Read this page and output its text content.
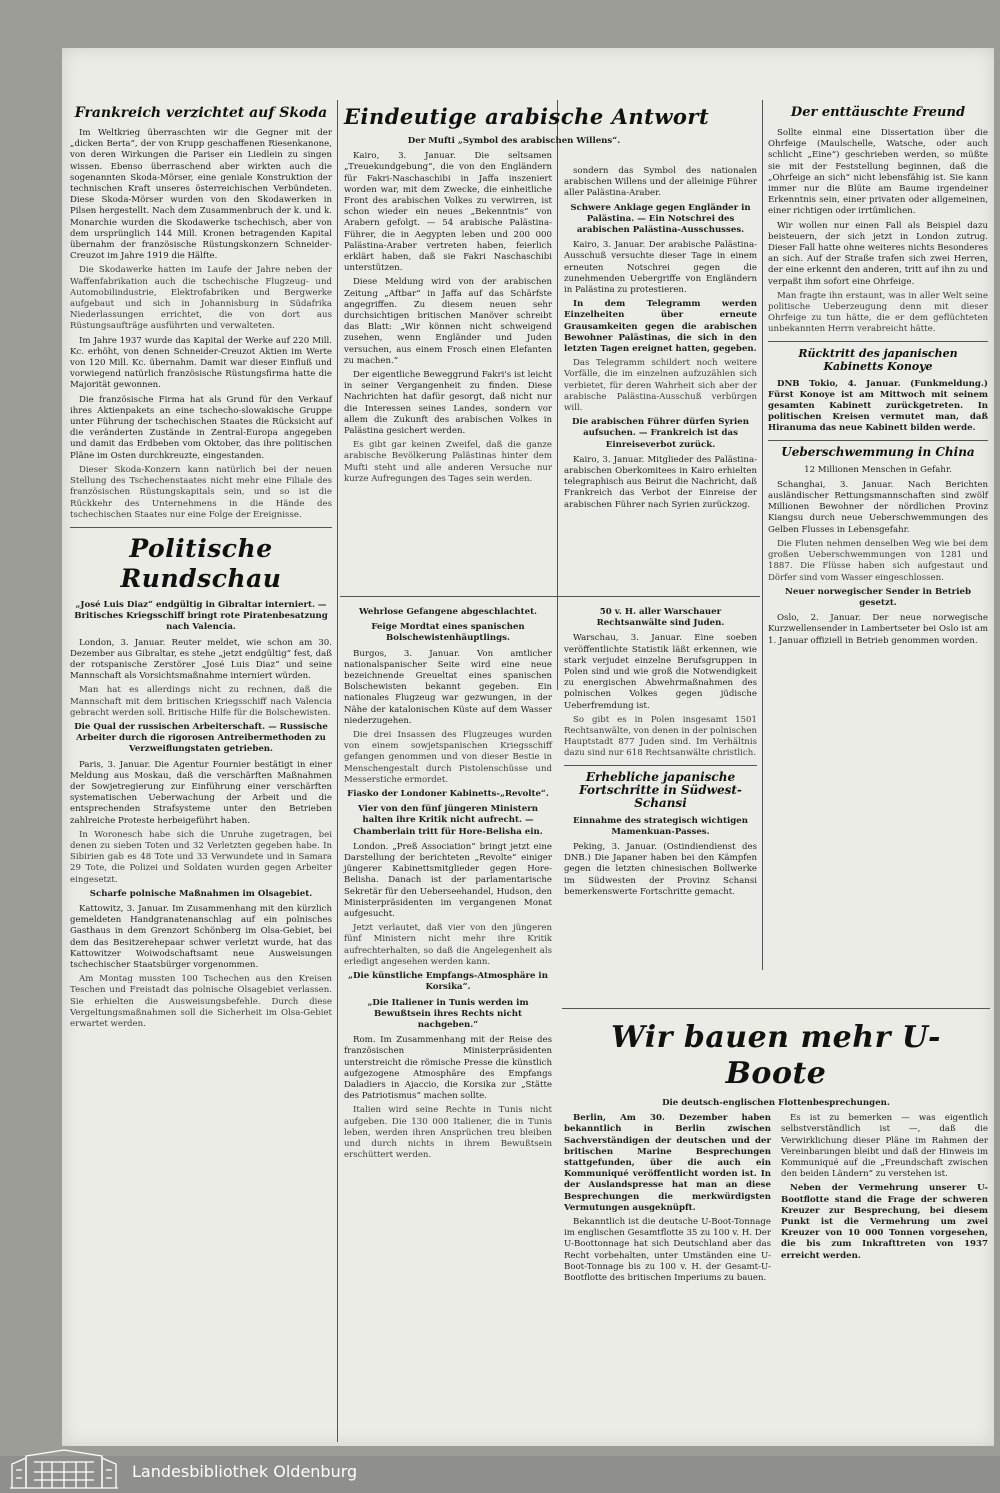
Frankreich verzichtet auf Skoda

Im Weltkrieg überraschten wir die Gegner mit der „dicken Berta“, der von Krupp geschaffenen Riesenkanone, von deren Wirkungen die Pariser ein Liedlein zu singen wissen. Ebenso überraschend aber wirkten auch die sogenannten Skoda-Mörser, eine geniale Konstruktion der technischen Kraft unseres österreichischen Verbündeten. Diese Skoda-Mörser wurden von den Skodawerken in Pilsen hergestellt. Nach dem Zusammenbruch der k. und k. Monarchie wurden die Skodawerke tschechisch, aber von dem ursprünglich 144 Mill. Kronen betragenden Kapital übernahm der französische Rüstungskonzern Schneider-Creuzot im Jahre 1919 die Hälfte.

Die Skodawerke hatten im Laufe der Jahre neben der Waffenfabrikation auch die tschechische Flugzeug- und Automobilindustrie, Elektrofabriken und Bergwerke aufgebaut und sich in Johannisburg in Südafrika Niederlassungen errichtet, die von dort aus Rüstungsaufträge ausführten und verwalteten.

Im Jahre 1937 wurde das Kapital der Werke auf 220 Mill. Kc. erhöht, von denen Schneider-Creuzot Aktien im Werte von 120 Mill. Kc. übernahm. Damit war dieser Einfluß und vorwiegend natürlich französische Rüstungsfirma hatte die Majorität gewonnen.

Die französische Firma hat als Grund für den Verkauf ihres Aktienpakets an eine tschecho-slowakische Gruppe unter Führung der tschechischen Staates die Rücksicht auf die veränderten Zustände in Zentral-Europa angegeben und damit das Erdbeben vom Oktober, das ihre politischen Pläne im Osten durchkreuzte, eingestanden.

Dieser Skoda-Konzern kann natürlich bei der neuen Stellung des Tschechenstaates nicht mehr eine Filiale des französischen Rüstungskapitals sein, und so ist die Rückkehr des Unternehmens in die Hände des tschechischen Staates nur eine Folge der Ereignisse.

Politische Rundschau
„José Luis Diaz“ endgültig in Gibraltar interniert. — Britisches Kriegsschiff bringt rote Piratenbesatzung nach Valencia.

London, 3. Januar. Reuter meldet, wie schon am 30. Dezember aus Gibraltar, es stehe „jetzt endgültig“ fest, daß der rotspanische Zerstörer „José Luis Diaz“ und seine Mannschaft als Vorsichtsmaßnahme interniert würden.

Man hat es allerdings nicht zu rechnen, daß die Mannschaft mit dem britischen Kriegsschiff nach Valencia gebracht werden soll. Britische Hilfe für die Bolschewisten.

Die Qual der russischen Arbeiterschaft. — Russische Arbeiter durch die rigorosen Antreibermethoden zu Verzweiflungstaten getrieben.

Paris, 3. Januar. Die Agentur Fournier bestätigt in einer Meldung aus Moskau, daß die verschärften Maßnahmen der Sowjetregierung zur Einführung einer verschärften systematischen Ueberwachung der Arbeit und die entsprechenden Strafsysteme unter den Betrieben zahlreiche Proteste herbeigeführt haben.

In Woronesch habe sich die Unruhe zugetragen, bei denen zu sieben Toten und 32 Verletzten gegeben habe. In Sibirien gab es 48 Tote und 33 Verwundete und in Samara 29 Tote, die Polizei und Soldaten wurden gegen Arbeiter eingesetzt.

Scharfe polnische Maßnahmen im Olsagebiet.

Kattowitz, 3. Januar. Im Zusammenhang mit den kürzlich gemeldeten Handgranatenanschlag auf ein polnisches Gasthaus in dem Grenzort Schönberg im Olsa-Gebiet, bei dem das Besitzerehepaar schwer verletzt wurde, hat das Kattowitzer Woiwodschaftsamt neue Ausweisungen tschechischer Staatsbürger vorgenommen.

Am Montag mussten 100 Tschechen aus den Kreisen Teschen und Freistadt das polnische Olsagebiet verlassen. Sie erhielten die Ausweisungsbefehle. Durch diese Vergeltungsmaßnahmen soll die Sicherheit im Olsa-Gebiet erwartet werden.

Eindeutige arabische Antwort
Der Mufti „Symbol des arabischen Willens“.

Kairo, 3. Januar. Die seltsamen „Treuekundgebung“, die von den Engländern für Fakri-Naschaschibi in Jaffa inszeniert worden war, mit dem Zwecke, die einheitliche Front des arabischen Volkes zu verwirren, ist schon wieder ein neues „Bekenntnis“ von Arabern gefolgt. — 54 arabische Palästina-Führer, die in Aegypten leben und 200 000 Palästina-Araber vertreten haben, feierlich erklärt haben, daß sie Fakri Naschaschibi unterstützen.

Diese Meldung wird von der arabischen Zeitung „Aftbar“ in Jaffa auf das Schärfste angegriffen. Zu diesem neuen sehr durchsichtigen britischen Manöver schreibt das Blatt: „Wir können nicht schweigend zusehen, wenn Engländer und Juden versuchen, aus einem Frosch einen Elefanten zu machen.“

Der eigentliche Beweggrund Fakri's ist leicht in seiner Vergangenheit zu finden. Diese Nachrichten hat dafür gesorgt, daß nicht nur die Interessen seines Landes, sondern vor allem die Zukunft des arabischen Volkes in Palästina gesichert werden.

Es gibt gar keinen Zweifel, daß die ganze arabische Bevölkerung Palästinas hinter dem Mufti steht und alle anderen Versuche nur kurze Aufregungen des Tages sein werden.

sondern das Symbol des nationalen arabischen Willens und der alleinige Führer aller Palästina-Araber.

Schwere Anklage gegen Engländer in Palästina. — Ein Notschrei des arabischen Palästina-Ausschusses.

Kairo, 3. Januar. Der arabische Palästina-Ausschuß versuchte dieser Tage in einem erneuten Notschrei gegen die zunehmenden Uebergriffe von Engländern in Palästina zu protestieren.

In dem Telegramm werden Einzelheiten über erneute Grausamkeiten gegen die arabischen Bewohner Palästinas, die sich in den letzten Tagen ereignet hatten, gegeben.

Das Telegramm schildert noch weitere Vorfälle, die im einzelnen aufzuzählen sich verbietet, für deren Wahrheit sich aber der arabische Palästina-Ausschuß verbürgen will.

Die arabischen Führer dürfen Syrien aufsuchen. — Frankreich ist das Einreiseverbot zurück.

Kairo, 3. Januar. Mitglieder des Palästina-arabischen Oberkomitees in Kairo erhielten telegraphisch aus Beirut die Nachricht, daß Frankreich das Verbot der Einreise der arabischen Führer nach Syrien zurückzog.

Wehrlose Gefangene abgeschlachtet.
Feige Mordtat eines spanischen Bolschewistenhäuptlings.

Burgos, 3. Januar. Von amtlicher nationalspanischer Seite wird eine neue bezeichnende Greueltat eines spanischen Bolschewisten bekannt gegeben. Ein nationales Flugzeug war gezwungen, in der Nähe der katalonischen Küste auf dem Wasser niederzugehen.

Die drei Insassen des Flugzeuges wurden von einem sowjetspanischen Kriegsschiff gefangen genommen und von dieser Bestie in Menschengestalt durch Pistolenschüsse und Messerstiche ermordet.

Fiasko der Londoner Kabinetts-„Revolte“.
Vier von den fünf jüngeren Ministern halten ihre Kritik nicht aufrecht. — Chamberlain tritt für Hore-Belisha ein.

London. „Preß Association“ bringt jetzt eine Darstellung der berichteten „Revolte“ einiger jüngerer Kabinettsmitglieder gegen Hore-Belisha. Danach ist der parlamentarische Sekretär für den Ueberseehandel, Hudson, den Ministerpräsidenten im vergangenen Monat aufgesucht.

Jetzt verlautet, daß vier von den jüngeren fünf Ministern nicht mehr ihre Kritik aufrechterhalten, so daß die Angelegenheit als erledigt angesehen werden kann.

„Die künstliche Empfangs-Atmosphäre in Korsika“.
„Die Italiener in Tunis werden im Bewußtsein ihres Rechts nicht nachgeben.“

Rom. Im Zusammenhang mit der Reise des französischen Ministerpräsidenten unterstreicht die römische Presse die künstlich aufgezogene Atmosphäre des Empfangs Daladiers in Ajaccio, die Korsika zur „Stätte des Patriotismus“ machen sollte.

Italien wird seine Rechte in Tunis nicht aufgeben. Die 130 000 Italiener, die in Tunis leben, werden ihren Ansprüchen treu bleiben und durch nichts in ihrem Bewußtsein erschüttert werden.

50 v. H. aller Warschauer Rechtsanwälte sind Juden.

Warschau, 3. Januar. Eine soeben veröffentlichte Statistik läßt erkennen, wie stark verjudet einzelne Berufsgruppen in Polen sind und wie groß die Notwendigkeit zu energischen Abwehrmaßnahmen des polnischen Volkes gegen jüdische Ueberfremdung ist.

So gibt es in Polen insgesamt 1501 Rechtsanwälte, von denen in der polnischen Hauptstadt 877 Juden sind. Im Verhältnis dazu sind nur 618 Rechtsanwälte christlich.

Erhebliche japanische Fortschritte in Südwest-Schansi
Einnahme des strategisch wichtigen Mamenkuan-Passes.

Peking, 3. Januar. (Ostindiendienst des DNB.) Die Japaner haben bei den Kämpfen gegen die letzten chinesischen Bollwerke im Südwesten der Provinz Schansi bemerkenswerte Fortschritte gemacht.

Der enttäuschte Freund

Sollte einmal eine Dissertation über die Ohrfeige (Maulschelle, Watsche, oder auch schlicht „Eine“) geschrieben werden, so müßte sie mit der Feststellung beginnen, daß die „Ohrfeige an sich“ nicht lebensfähig ist. Sie kann immer nur die Blüte am Baume irgendeiner Erkenntnis sein, einer privaten oder allgemeinen, einer richtigen oder irrtümlichen.

Wir wollen nur einen Fall als Beispiel dazu beisteuern, der sich jetzt in London zutrug. Dieser Fall hatte ohne weiteres nichts Besonderes an sich. Auf der Straße trafen sich zwei Herren, der eine erkennt den anderen, tritt auf ihn zu und verpaßt ihm sofort eine Ohrfeige.

Man fragte ihn erstaunt, was in aller Welt seine politische Ueberzeugung denn mit dieser Ohrfeige zu tun hätte, die er dem geflüchteten unbekannten Herrn verabreicht hätte.

Rücktritt des japanischen Kabinetts Konoye

DNB Tokio, 4. Januar. (Funkmeldung.) Fürst Konoye ist am Mittwoch mit seinem gesamten Kabinett zurückgetreten. In politischen Kreisen vermutet man, daß Hiranuma das neue Kabinett bilden werde.

Ueberschwemmung in China
12 Millionen Menschen in Gefahr.

Schanghai, 3. Januar. Nach Berichten ausländischer Rettungsmannschaften sind zwölf Millionen Bewohner der nördlichen Provinz Kiangsu durch neue Ueberschwemmungen des Gelben Flusses in Lebensgefahr.

Die Fluten nehmen denselben Weg wie bei dem großen Ueberschwemmungen von 1281 und 1887. Die Flüsse haben sich aufgestaut und Dörfer sind vom Wasser eingeschlossen.

Neuer norwegischer Sender in Betrieb gesetzt.

Oslo, 2. Januar. Der neue norwegische Kurzwellensender in Lambertseter bei Oslo ist am 1. Januar offiziell in Betrieb genommen worden.

Wir bauen mehr U-Boote
Die deutsch-englischen Flottenbesprechungen.

Berlin, Am 30. Dezember haben bekanntlich in Berlin zwischen Sachverständigen der deutschen und der britischen Marine Besprechungen stattgefunden, über die auch ein Kommuniqué veröffentlicht worden ist. In der Auslandspresse hat man an diese Besprechungen die merkwürdigsten Vermutungen ausgeknüpft.

Bekanntlich ist die deutsche U-Boot-Tonnage im englischen Gesamtflotte 35 zu 100 v. H. Der U-Boottonnage hat sich Deutschland aber das Recht vorbehalten, unter Umständen eine U-Boot-Tonnage bis zu 100 v. H. der Gesamt-U-Bootflotte des britischen Imperiums zu bauen.

Es ist zu bemerken — was eigentlich selbstverständlich ist —, daß die Verwirklichung dieser Pläne im Rahmen der Vereinbarungen bleibt und daß der Hinweis im Kommuniqué auf die „Freundschaft zwischen den beiden Ländern“ zu verstehen ist.

Neben der Vermehrung unserer U-Bootflotte stand die Frage der schweren Kreuzer zur Besprechung, bei diesem Punkt ist die Vermehrung um zwei Kreuzer von 10 000 Tonnen vorgesehen, die bis zum Inkrafttreten von 1937 erreicht werden.

Landesbibliothek Oldenburg
